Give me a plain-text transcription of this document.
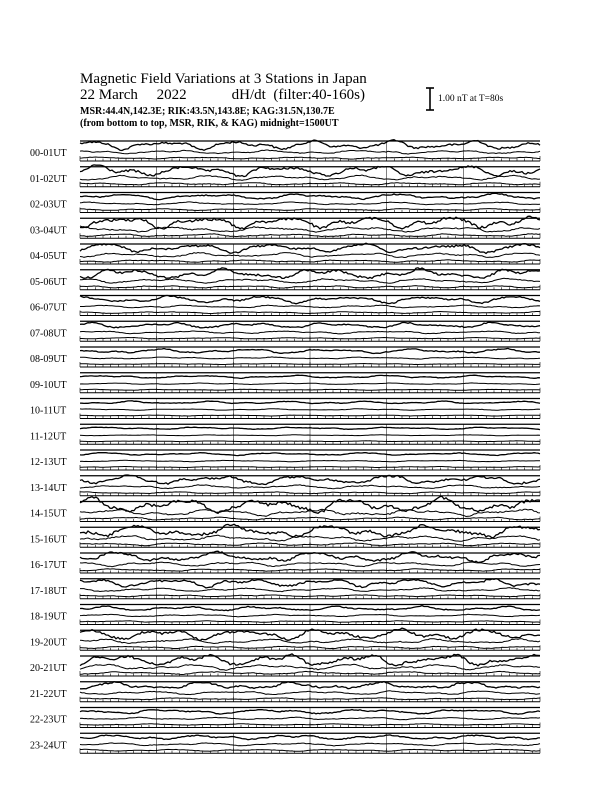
Magnetic Field Variations at 3 Stations in Japan
22 March 2022	dH/dt (filter:40-160s)
MSR:44.4N,142.3E; RIK:43.5N,143.8E; KAG:31.5N,130.7E
(from bottom to top, MSR, RIK, & KAG) midnight=1500UT
1.00 nT at T=80s
00-01UT
01-02UT
02-03UT
03-04UT
04-05UT
05-06UT
06-07UT
07-08UT
08-09UT
09-10UT
10-11UT
11-12UT
12-13UT
13-14UT
14-15UT
15-16UT
16-17UT
17-18UT
18-19UT
19-20UT
20-21UT
21-22UT
22-23UT
23-24UT
